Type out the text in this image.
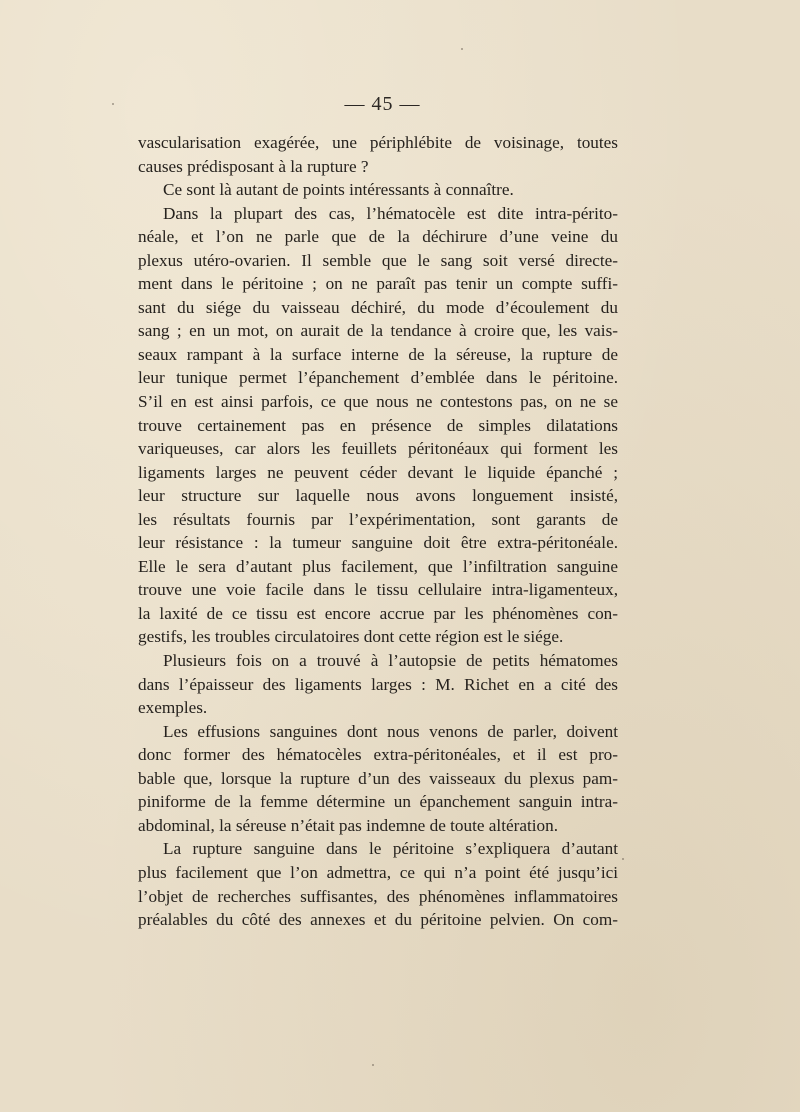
— 45 —
vascularisation exagérée, une périphlébite de voisinage, toutes
causes prédisposant à la rupture ?
Ce sont là autant de points intéressants à connaître.
Dans la plupart des cas, l’hématocèle est dite intra-périto-
néale, et l’on ne parle que de la déchirure d’une veine du
plexus utéro-ovarien. Il semble que le sang soit versé directe-
ment dans le péritoine ; on ne paraît pas tenir un compte suffi-
sant du siége du vaisseau déchiré, du mode d’écoulement du
sang ; en un mot, on aurait de la tendance à croire que, les vais-
seaux rampant à la surface interne de la séreuse, la rupture de
leur tunique permet l’épanchement d’emblée dans le péritoine.
S’il en est ainsi parfois, ce que nous ne contestons pas, on ne se
trouve certainement pas en présence de simples dilatations
variqueuses, car alors les feuillets péritonéaux qui forment les
ligaments larges ne peuvent céder devant le liquide épanché ;
leur structure sur laquelle nous avons longuement insisté,
les résultats fournis par l’expérimentation, sont garants de
leur résistance : la tumeur sanguine doit être extra-péritonéale.
Elle le sera d’autant plus facilement, que l’infiltration sanguine
trouve une voie facile dans le tissu cellulaire intra-ligamenteux,
la laxité de ce tissu est encore accrue par les phénomènes con-
gestifs, les troubles circulatoires dont cette région est le siége.
Plusieurs fois on a trouvé à l’autopsie de petits hématomes
dans l’épaisseur des ligaments larges : M. Richet en a cité des
exemples.
Les effusions sanguines dont nous venons de parler, doivent
donc former des hématocèles extra-péritonéales, et il est pro-
bable que, lorsque la rupture d’un des vaisseaux du plexus pam-
piniforme de la femme détermine un épanchement sanguin intra-
abdominal, la séreuse n’était pas indemne de toute altération.
La rupture sanguine dans le péritoine s’expliquera d’autant
plus facilement que l’on admettra, ce qui n’a point été jusqu’ici
l’objet de recherches suffisantes, des phénomènes inflammatoires
préalables du côté des annexes et du péritoine pelvien. On com-
